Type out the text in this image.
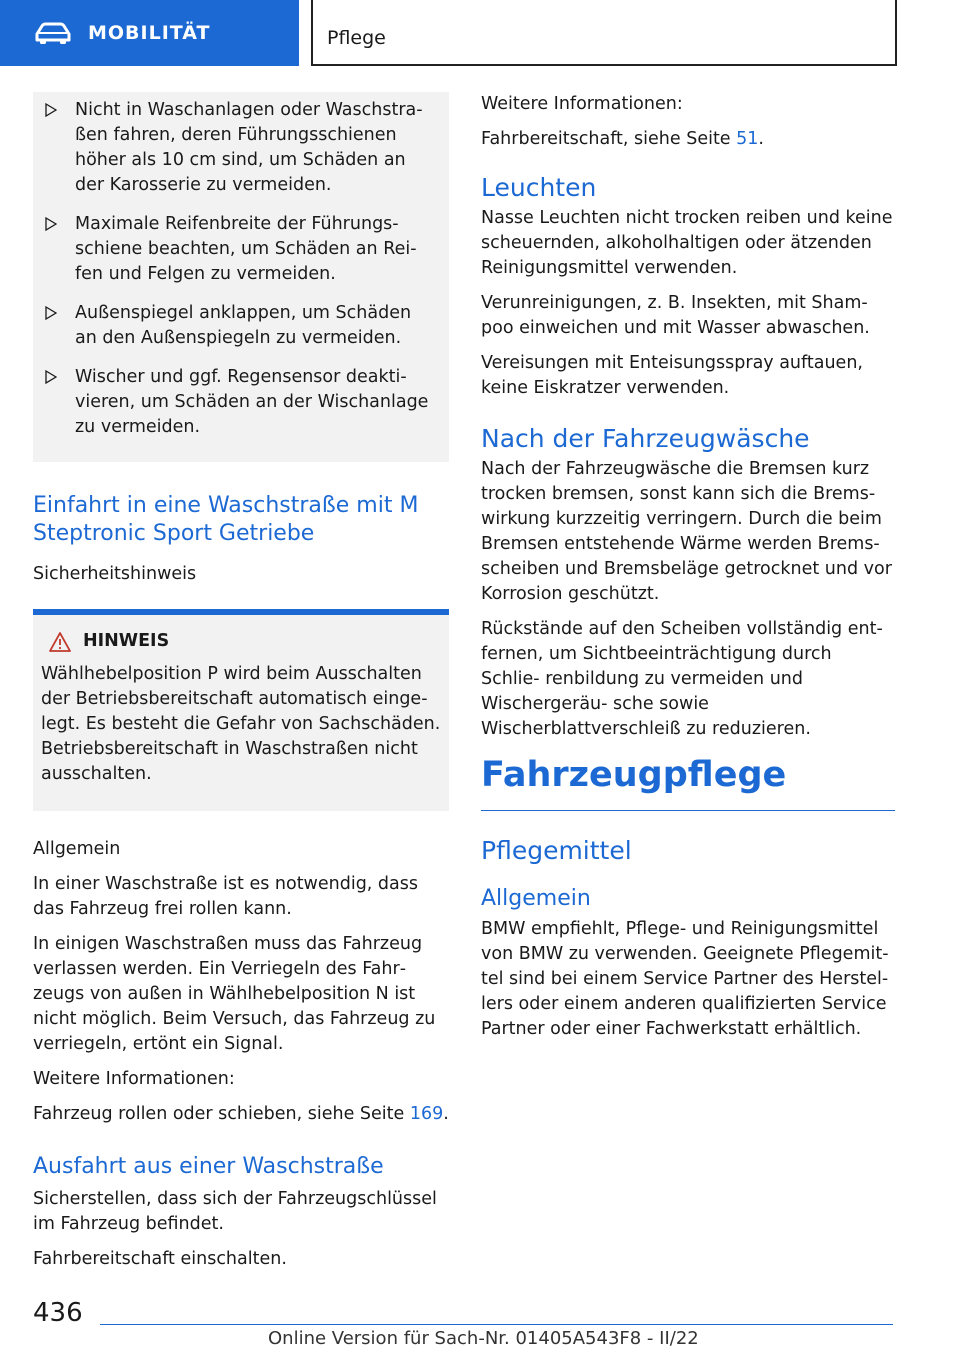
MOBILITÄT	Pflege
Nicht in Waschanlagen oder Waschstra‐ ßen fahren, deren Führungsschienen höher als 10 cm sind, um Schäden an der Karosserie zu vermeiden.
Maximale Reifenbreite der Führungs‐ schiene beachten, um Schäden an Rei‐ fen und Felgen zu vermeiden.
Außenspiegel anklappen, um Schäden an den Außenspiegeln zu vermeiden.
Wischer und ggf. Regensensor deakti‐ vieren, um Schäden an der Wischanlage zu vermeiden.
Einfahrt in eine Waschstraße mit M Steptronic Sport Getriebe
Sicherheitshinweis
HINWEIS
Wählhebelposition P wird beim Ausschalten der Betriebsbereitschaft automatisch einge‐ legt. Es besteht die Gefahr von Sachschäden. Betriebsbereitschaft in Waschstraßen nicht ausschalten.
Allgemein

In einer Waschstraße ist es notwendig, dass das Fahrzeug frei rollen kann.

In einigen Waschstraßen muss das Fahrzeug verlassen werden. Ein Verriegeln des Fahr‐ zeugs von außen in Wählhebelposition N ist nicht möglich. Beim Versuch, das Fahrzeug zu verriegeln, ertönt ein Signal.

Weitere Informationen:

Fahrzeug rollen oder schieben, siehe Seite 169.

Ausfahrt aus einer Waschstraße

Sicherstellen, dass sich der Fahrzeugschlüssel im Fahrzeug befindet.

Fahrbereitschaft einschalten.

Weitere Informationen:

Fahrbereitschaft, siehe Seite 51.

Leuchten

Nasse Leuchten nicht trocken reiben und keine scheuernden, alkoholhaltigen oder ätzenden Reinigungsmittel verwenden.

Verunreinigungen, z. B. Insekten, mit Sham‐ poo einweichen und mit Wasser abwaschen.

Vereisungen mit Enteisungsspray auftauen, keine Eiskratzer verwenden.

Nach der Fahrzeugwäsche

Nach der Fahrzeugwäsche die Bremsen kurz trocken bremsen, sonst kann sich die Brems‐ wirkung kurzzeitig verringern. Durch die beim Bremsen entstehende Wärme werden Brems‐ scheiben und Bremsbeläge getrocknet und vor Korrosion geschützt.

Rückstände auf den Scheiben vollständig ent‐ fernen, um Sichtbeeinträchtigung durch Schlie‐ renbildung zu vermeiden und Wischergeräu‐ sche sowie Wischerblattverschleiß zu reduzieren.

Fahrzeugpflege
Pflegemittel
Allgemein

BMW empfiehlt, Pflege- und Reinigungsmittel von BMW zu verwenden. Geeignete Pflegemit‐ tel sind bei einem Service Partner des Herstel‐ lers oder einem anderen qualifizierten Service Partner oder einer Fachwerkstatt erhältlich.

436
Online Version für Sach-Nr. 01405A543F8 - II/22
